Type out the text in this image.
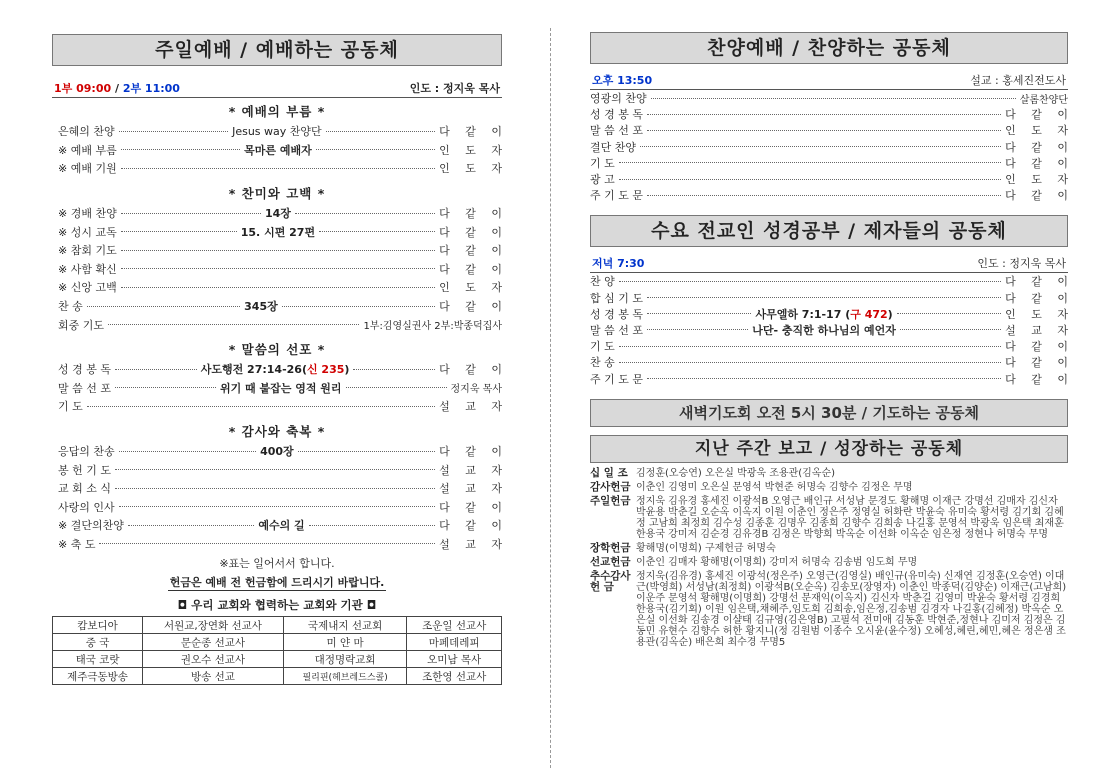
주일예배 / 예배하는 공동체
1부 09:00 / 2부 11:00	인도 : 정지욱 목사
* 예배의 부름 *
은혜의 찬양	Jesus way 찬양단	다 같 이
※ 예배 부름	목마른 예배자	인 도 자
※ 예배 기원	인 도 자
* 찬미와 고백 *
※ 경배 찬양	14장	다 같 이
※ 성시 교독	15. 시편 27편	다 같 이
※ 참회 기도	다 같 이
※ 사함 확신	다 같 이
※ 신앙 고백	인 도 자
찬 송	345장	다 같 이
회중 기도	1부:김영실권사 2부:박종덕집사
* 말씀의 선포 *
성 경 봉 독	사도행전 27:14-26(신 235)	다 같 이
말 씀 선 포	위기 때 붙잡는 영적 원리	정지욱 목사
기 도	설 교 자
* 감사와 축복 *
응답의 찬송	400장	다 같 이
봉 헌 기 도	설 교 자
교 회 소 식	설 교 자
사랑의 인사	다 같 이
※ 결단의찬양	예수의 길	다 같 이
※ 축 도	설 교 자
※표는 일어서서 합니다.
헌금은 예배 전 헌금함에 드리시기 바랍니다.
◘ 우리 교회와 협력하는 교회와 기관 ◘
캄보디아	서원교,장연화 선교사	국제내지 선교회	조운일 선교사
중 국	문순종 선교사	미 얀 마	마페데레피
태국 코랏	권오수 선교사	대정명락교회	오미남 목사
제주극동방송	방송 선교	필리핀(헤브레드스콜)	조한영 선교사
찬양예배 / 찬양하는 공동체
오후 13:50	설교 : 홍세진전도사
영광의 찬양	살롬찬양단
성 경 봉 독	다 같 이
말 씀 선 포	인 도 자
결단 찬양	다 같 이
기 도	다 같 이
광 고	인 도 자
주 기 도 문	다 같 이
수요 전교인 성경공부 / 제자들의 공동체
저녁 7:30	인도 : 정지욱 목사
찬 양	다 같 이
합 심 기 도	다 같 이
성 경 봉 독	사무엘하 7:1-17 (구 472)	인 도 자
말 씀 선 포	나단- 충직한 하나님의 예언자	설 교 자
기 도	다 같 이
찬 송	다 같 이
주 기 도 문	다 같 이
새벽기도회 오전 5시 30분 / 기도하는 공동체
지난 주간 보고 / 성장하는 공동체
십 일 조 김정훈(오승연) 오은실 박광욱 조용관(김옥순)
감사헌금 이춘인 김영미 오은실 문영석 박현준 허명숙 김향수 김정은 무명
주일헌금 정지욱 김유경 홍세진 이광석B 오영근 배인규 서성남 문경도 황해명 이재근 강명선 김매자 김신자 박윤용 박춘길 오순옥 이옥지 이원 이춘인 정은주 정영실 허화란 박윤숙 유미숙 황서령 김기회 김혜정 고남희 최정희 김수성 김종훈 김명우 김종희 김향수 김희송 나길홍 문영석 박광욱 임은택 최재훈 한용국 강미저 김순경 김유경B 김정은 박향희 박옥순 이선화 이옥순 임은정 정현나 허명숙 무명
장학헌금 황해명(이명희) 구제헌금 허명숙
선교헌금 이춘인 김매자 황해명(이명희) 강미저 허명숙 김송범 임도희 무명
추수감사 헌 금
정지욱(김유경) 홍세진 이광석(정은주) 오영근(김영실) 배인규(유미숙) 신재연 김정훈(오승연) 이대근(박영희) 서성남(최정희) 이광석B(오순옥) 김송모(장영자) 이춘인 박종덕(김양순) 이재근(고남희) 이운주 문영석 황해명(이명희) 강명선 문재익(이옥지) 김신자 박춘길 김영미 박윤숙 황서령 김경희 한용국(김기회) 이원 임은택,채혜주,임도희 김희송,임은정,김송범 김경자 나길홍(김혜정) 박옥순 오은실 이선화 김송경 이샬태 김규영(김은영B) 고필석 전미애 김동훈 박현준,정현나 김미저 김정은 김동민 유현수 김향수 허한 황지니(정 김원범 이종수 오시윤(윤수정) 오혜성,혜린,혜민,혜은 정은샘 조용관(김옥순) 배은희 최수경 무명5
